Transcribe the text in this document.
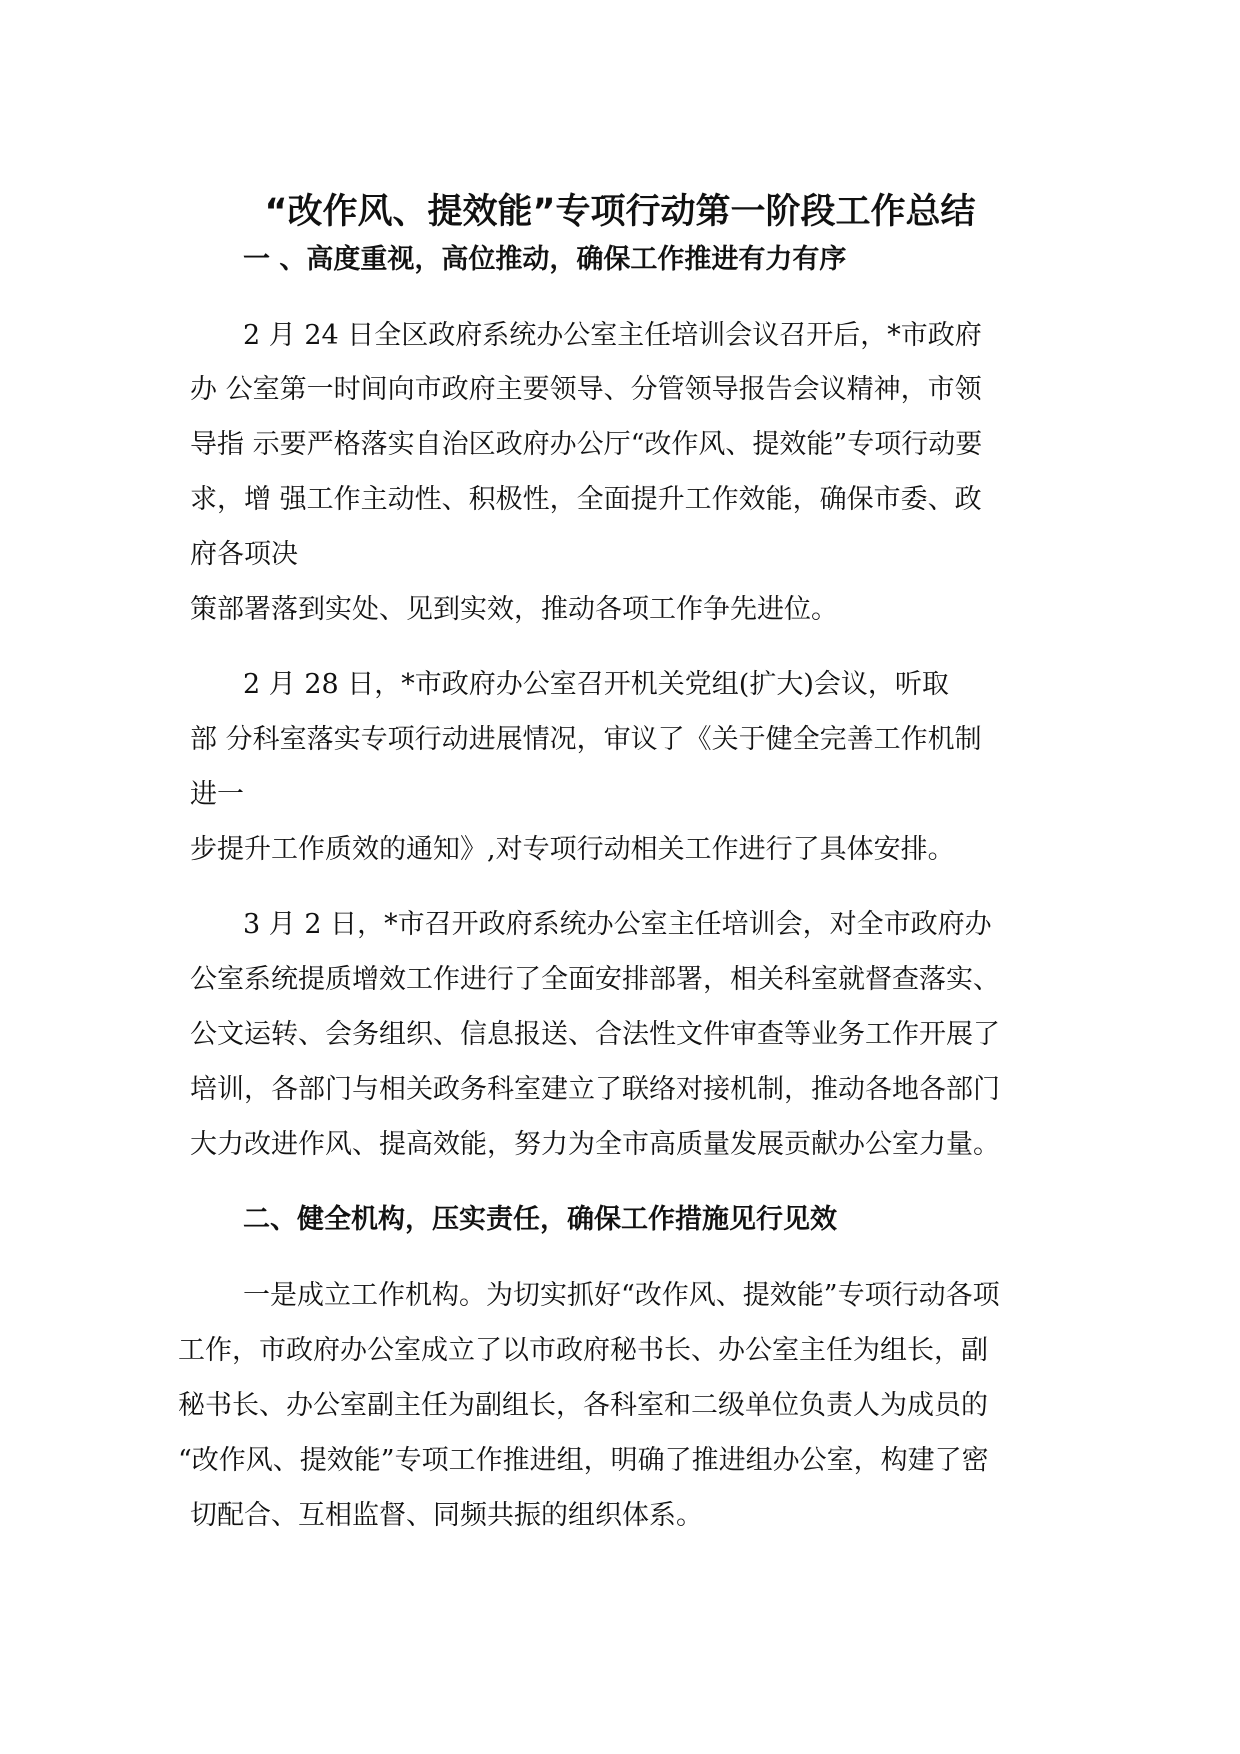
“改作风、提效能”专项行动第一阶段工作总结
一 、高度重视，高位推动，确保工作推进有力有序
2 月 24 日全区政府系统办公室主任培训会议召开后，*市政府
办 公室第一时间向市政府主要领导、分管领导报告会议精神，市领
导指 示要严格落实自治区政府办公厅“改作风、提效能”专项行动要
求，增 强工作主动性、积极性，全面提升工作效能，确保市委、政
府各项决
策部署落到实处、见到实效，推动各项工作争先进位。
2 月 28 日，*市政府办公室召开机关党组(扩大)会议，听取
部 分科室落实专项行动进展情况，审议了《关于健全完善工作机制
进一
步提升工作质效的通知》,对专项行动相关工作进行了具体安排。
3 月 2 日，*市召开政府系统办公室主任培训会，对全市政府办
公室系统提质增效工作进行了全面安排部署，相关科室就督查落实、
公文运转、会务组织、信息报送、合法性文件审查等业务工作开展了
培训，各部门与相关政务科室建立了联络对接机制，推动各地各部门
大力改进作风、提高效能，努力为全市高质量发展贡献办公室力量。
二、健全机构，压实责任，确保工作措施见行见效
一是成立工作机构。为切实抓好“改作风、提效能”专项行动各项
工作，市政府办公室成立了以市政府秘书长、办公室主任为组长，副
秘书长、办公室副主任为副组长，各科室和二级单位负责人为成员的
“改作风、提效能”专项工作推进组，明确了推进组办公室，构建了密
切配合、互相监督、同频共振的组织体系。
